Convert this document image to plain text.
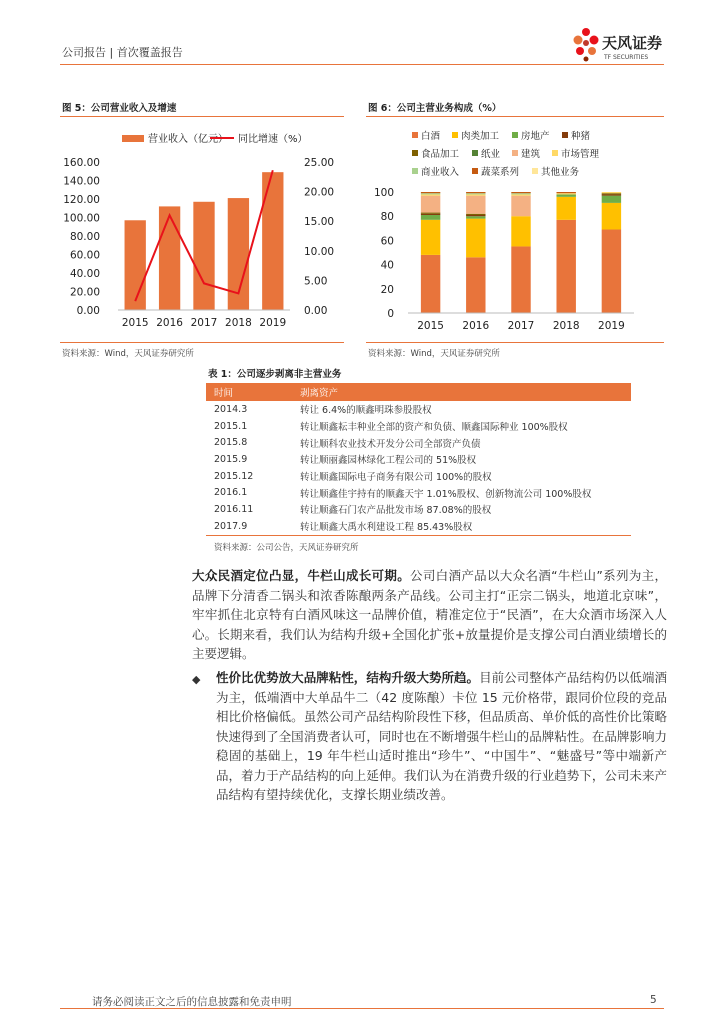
公司报告 | 首次覆盖报告
天风证券
TF SECURITIES
图 5：公司营业收入及增速
营业收入（亿元） 同比增速（%）
0.00
20.00
40.00
60.00
80.00
100.00
120.00
140.00
160.00
0.00
5.00
10.00
15.00
20.00
25.00
2015 2016 2017 2018 2019
资料来源：Wind，天风证券研究所
图 6：公司主营业务构成（%）
白酒 肉类加工 房地产 种猪
食品加工 纸业 建筑 市场管理
商业收入 蔬菜系列 其他业务
0
20
40
60
80
100
2015 2016 2017 2018 2019
资料来源：Wind，天风证券研究所
表 1：公司逐步剥离非主营业务
时间	剥离资产
2014.3	转让 6.4%的顺鑫明珠参股股权
2015.1	转让顺鑫耘丰种业全部的资产和负债、顺鑫国际种业 100%股权
2015.8	转让顺科农业技术开发分公司全部资产负债
2015.9	转让顺丽鑫园林绿化工程公司的 51%股权
2015.12	转让顺鑫国际电子商务有限公司 100%的股权
2016.1	转让顺鑫佳宇持有的顺鑫天宇 1.01%股权、创新物流公司 100%股权
2016.11	转让顺鑫石门农产品批发市场 87.08%的股权
2017.9	转让顺鑫大禹水利建设工程 85.43%股权
资料来源：公司公告，天风证券研究所
大众民酒定位凸显，牛栏山成长可期。公司白酒产品以大众名酒“牛栏山”系列为主，品牌下分清香二锅头和浓香陈酿两条产品线。公司主打“正宗二锅头，地道北京味”，牢牢抓住北京特有白酒风味这一品牌价值，精准定位于“民酒”，在大众酒市场深入人心。长期来看，我们认为结构升级+全国化扩张+放量提价是支撑公司白酒业绩增长的主要逻辑。
◆ 性价比优势放大品牌粘性，结构升级大势所趋。目前公司整体产品结构仍以低端酒为主，低端酒中大单品牛二（42 度陈酿）卡位 15 元价格带，跟同价位段的竞品相比价格偏低。虽然公司产品结构阶段性下移，但品质高、单价低的高性价比策略快速得到了全国消费者认可，同时也在不断增强牛栏山的品牌粘性。在品牌影响力稳固的基础上，19 年牛栏山适时推出“珍牛”、“中国牛”、“魅盛号”等中端新产品，着力于产品结构的向上延伸。我们认为在消费升级的行业趋势下，公司未来产品结构有望持续优化，支撑长期业绩改善。
请务必阅读正文之后的信息披露和免责申明	5
